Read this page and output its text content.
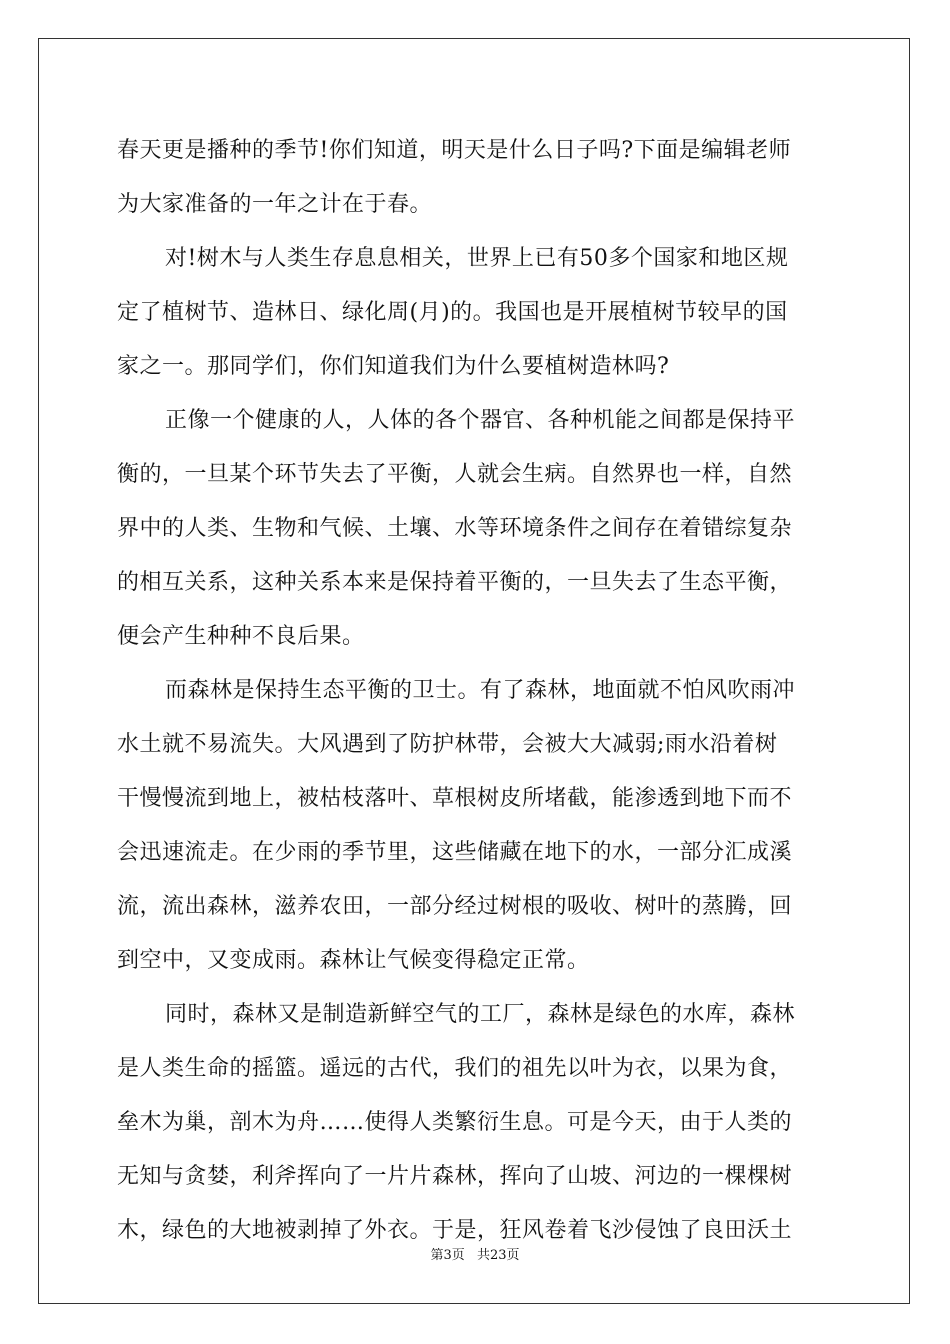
春天更是播种的季节!你们知道，明天是什么日子吗?下面是编辑老师
为大家准备的一年之计在于春。
对!树木与人类生存息息相关，世界上已有50多个国家和地区规
定了植树节、造林日、绿化周(月)的。我国也是开展植树节较早的国
家之一。那同学们，你们知道我们为什么要植树造林吗?
正像一个健康的人，人体的各个器官、各种机能之间都是保持平
衡的，一旦某个环节失去了平衡，人就会生病。自然界也一样，自然
界中的人类、生物和气候、土壤、水等环境条件之间存在着错综复杂
的相互关系，这种关系本来是保持着平衡的，一旦失去了生态平衡，
便会产生种种不良后果。
而森林是保持生态平衡的卫士。有了森林，地面就不怕风吹雨冲
水土就不易流失。大风遇到了防护林带，会被大大减弱;雨水沿着树
干慢慢流到地上，被枯枝落叶、草根树皮所堵截，能渗透到地下而不
会迅速流走。在少雨的季节里，这些储藏在地下的水，一部分汇成溪
流，流出森林，滋养农田，一部分经过树根的吸收、树叶的蒸腾，回
到空中，又变成雨。森林让气候变得稳定正常。
同时，森林又是制造新鲜空气的工厂，森林是绿色的水库，森林
是人类生命的摇篮。遥远的古代，我们的祖先以叶为衣，以果为食，
垒木为巢，剖木为舟……使得人类繁衍生息。可是今天，由于人类的
无知与贪婪，利斧挥向了一片片森林，挥向了山坡、河边的一棵棵树
木，绿色的大地被剥掉了外衣。于是，狂风卷着飞沙侵蚀了良田沃土
第3页 共23页
